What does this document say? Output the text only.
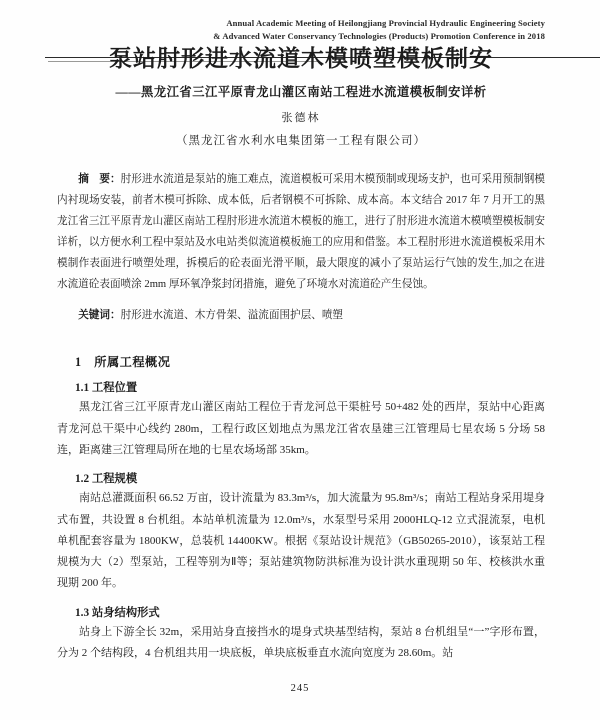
Annual Academic Meeting of Heilongjiang Provincial Hydraulic Engineering Society
& Advanced Water Conservancy Technologies (Products) Promotion Conference in 2018
泵站肘形进水流道木模喷塑模板制安
——黑龙江省三江平原青龙山灌区南站工程进水流道模板制安详析
张德林
（黑龙江省水利水电集团第一工程有限公司）

摘　要：肘形进水流道是泵站的施工难点，流道模板可采用木模预制或现场支护，也可采用预制钢模内衬现场安装，前者木模可拆除、成本低，后者钢模不可拆除、成本高。本文结合 2017 年 7 月开工的黑龙江省三江平原青龙山灌区南站工程肘形进水流道木模板的施工，进行了肘形进水流道木模喷塑模板制安详析，以方便水利工程中泵站及水电站类似流道模板施工的应用和借鉴。本工程肘形进水流道模板采用木模制作表面进行喷塑处理，拆模后的砼表面光滑平顺，最大限度的减小了泵站运行气蚀的发生,加之在进水流道砼表面喷涂 2mm 厚环氧净浆封闭措施，避免了环境水对流道砼产生侵蚀。

关键词：肘形进水流道、木方骨架、溢流面围护层、喷塑

1　所属工程概况
1.1 工程位置

黑龙江省三江平原青龙山灌区南站工程位于青龙河总干渠桩号 50+482 处的西岸，泵站中心距离青龙河总干渠中心线约 280m，工程行政区划地点为黑龙江省农垦建三江管理局七星农场 5 分场 58 连，距离建三江管理局所在地的七星农场场部 35km。

1.2 工程规模

南站总灌溉面积 66.52 万亩，设计流量为 83.3m³/s，加大流量为 95.8m³/s；南站工程站身采用堤身式布置，共设置 8 台机组。本站单机流量为 12.0m³/s，水泵型号采用 2000HLQ-12 立式混流泵，电机单机配套容量为 1800KW，总装机 14400KW。根据《泵站设计规范》（GB50265-2010），该泵站工程规模为大（2）型泵站，工程等别为Ⅱ等；泵站建筑物防洪标准为设计洪水重现期 50 年、校核洪水重现期 200 年。

1.3 站身结构形式

站身上下游全长 32m，采用站身直接挡水的堤身式块基型结构，泵站 8 台机组呈“一”字形布置，分为 2 个结构段，4 台机组共用一块底板，单块底板垂直水流向宽度为 28.60m。站

245
